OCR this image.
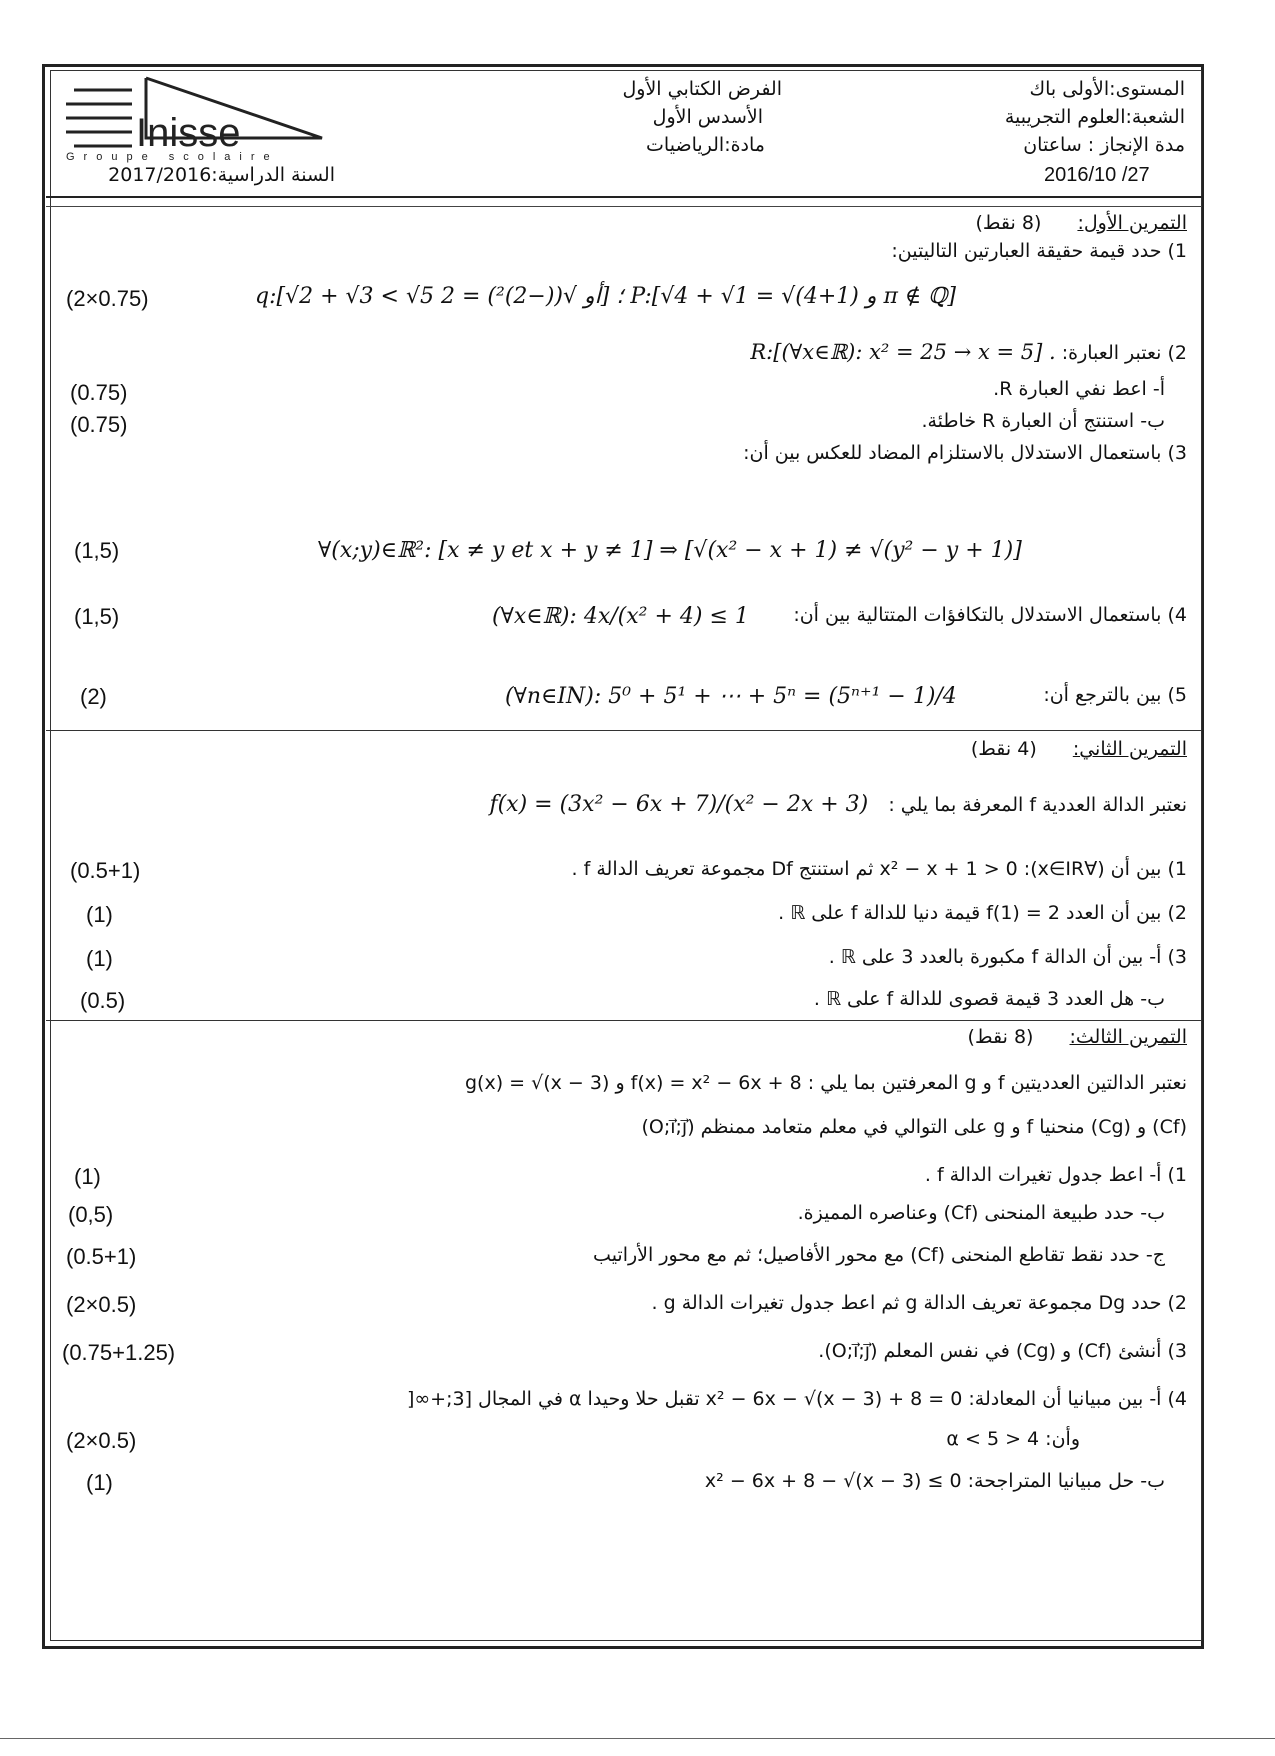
Inisse
Groupe scolaire
المستوى:الأولى باك
الشعبة:العلوم التجريبية
مدة الإنجاز : ساعتان
2016/10 /27
الفرض الكتابي الأول
الأسدس الأول
مادة:الرياضيات
السنة الدراسية:2017/2016
التمرين الأول: (8 نقط)
1) حدد قيمة حقيقة العبارتين التاليتين:
q:[√2 + √3 < √5 أو √((−2)²) = 2] ؛ P:[√4 + √1 = √(4+1) و π ∉ ℚ]
(2×0.75)
2) نعتبر العبارة: . R:[(∀x∈ℝ): x² = 25 → x = 5]
أ- اعط نفي العبارة R.
(0.75)
ب- استنتج أن العبارة R خاطئة.
(0.75)
3) باستعمال الاستدلال بالاستلزام المضاد للعكس بين أن:
∀(x;y)∈ℝ²: [x ≠ y et x + y ≠ 1] ⇒ [√(x² − x + 1) ≠ √(y² − y + 1)]
(1,5)
4) باستعمال الاستدلال بالتكافؤات المتتالية بين أن:
(∀x∈ℝ): 4x/(x² + 4) ≤ 1
(1,5)
5) بين بالترجع أن:
(∀n∈IN): 5⁰ + 5¹ + ⋯ + 5ⁿ = (5ⁿ⁺¹ − 1)/4
(2)
التمرين الثاني: (4 نقط)
نعتبر الدالة العددية f المعرفة بما يلي : f(x) = (3x² − 6x + 7)/(x² − 2x + 3)
1) بين أن (∀x∈IR): x² − x + 1 > 0 ثم استنتج Df مجموعة تعريف الدالة f .
(0.5+1)
2) بين أن العدد f(1) = 2 قيمة دنيا للدالة f على ℝ .
(1)
3) أ- بين أن الدالة f مكبورة بالعدد 3 على ℝ .
(1)
ب- هل العدد 3 قيمة قصوى للدالة f على ℝ .
(0.5)
التمرين الثالث: (8 نقط)
نعتبر الدالتين العدديتين f و g المعرفتين بما يلي : f(x) = x² − 6x + 8 و g(x) = √(x − 3)
(Cf) و (Cg) منحنيا f و g على التوالي في معلم متعامد ممنظم (O;i⃗;j⃗)
1) أ- اعط جدول تغيرات الدالة f .
(1)
ب- حدد طبيعة المنحنى (Cf) وعناصره المميزة.
(0,5)
ج- حدد نقط تقاطع المنحنى (Cf) مع محور الأفاصيل؛ ثم مع محور الأراتيب
(0.5+1)
2) حدد Dg مجموعة تعريف الدالة g ثم اعط جدول تغيرات الدالة g .
(2×0.5)
3) أنشئ (Cf) و (Cg) في نفس المعلم (O;i⃗;j⃗).
(0.75+1.25)
4) أ- بين مبيانيا أن المعادلة: x² − 6x − √(x − 3) + 8 = 0 تقبل حلا وحيدا α في المجال [3;+∞[
وأن: 4 < α < 5
(2×0.5)
ب- حل مبيانيا المتراجحة: x² − 6x + 8 − √(x − 3) ≤ 0
(1)
